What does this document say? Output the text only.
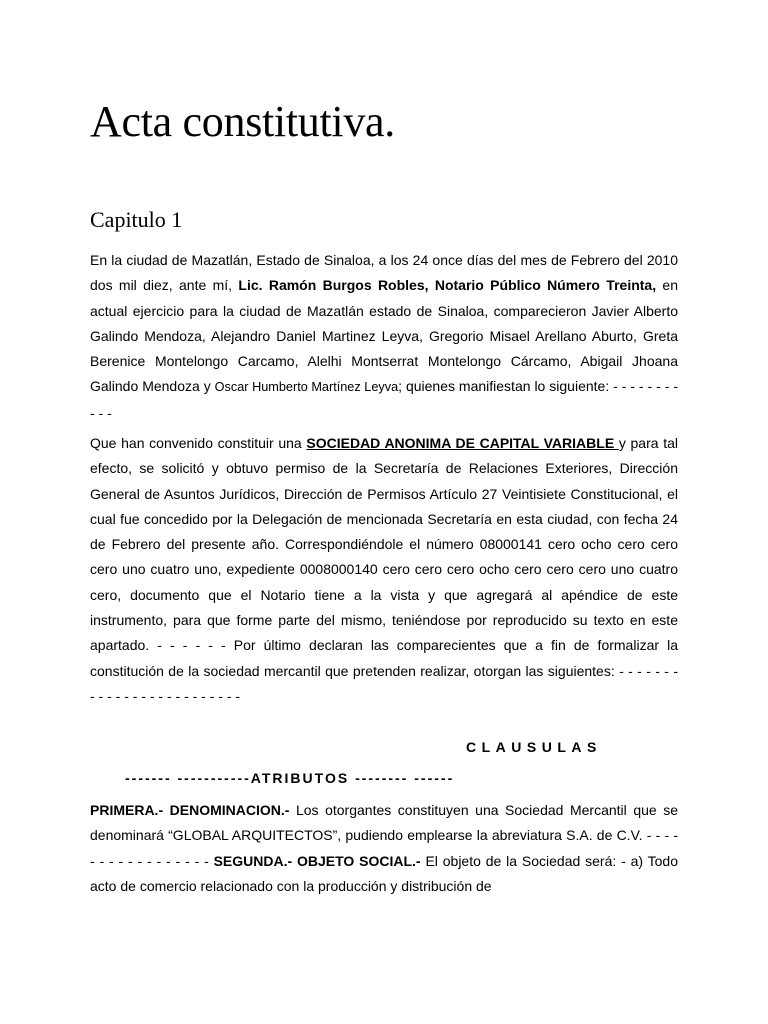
Acta constitutiva.
Capitulo 1

En la ciudad de Mazatlán, Estado de Sinaloa, a los 24 once días del mes de Febrero del 2010 dos mil diez, ante mí, Lic. Ramón Burgos Robles, Notario Público Número Treinta, en actual ejercicio para la ciudad de Mazatlán estado de Sinaloa, comparecieron Javier Alberto Galindo Mendoza, Alejandro Daniel Martinez Leyva, Gregorio Misael Arellano Aburto, Greta Berenice Montelongo Carcamo, Alelhi Montserrat Montelongo Cárcamo, Abigail Jhoana Galindo Mendoza y Oscar Humberto Martínez Leyva; quienes manifiestan lo siguiente: - - - - - - - - - - -

Que han convenido constituir una SOCIEDAD ANONIMA DE CAPITAL VARIABLE y para tal efecto, se solicitó y obtuvo permiso de la Secretaría de Relaciones Exteriores, Dirección General de Asuntos Jurídicos, Dirección de Permisos Artículo 27 Veintisiete Constitucional, el cual fue concedido por la Delegación de mencionada Secretaría en esta ciudad, con fecha 24 de Febrero del presente año. Correspondiéndole el número 08000141 cero ocho cero cero cero uno cuatro uno, expediente 0008000140 cero cero cero ocho cero cero cero uno cuatro cero, documento que el Notario tiene a la vista y que agregará al apéndice de este instrumento, para que forme parte del mismo, teniéndose por reproducido su texto en este apartado. - - - - - - Por último declaran las comparecientes que a fin de formalizar la constitución de la sociedad mercantil que pretenden realizar, otorgan las siguientes: - - - - - - - - - - - - - - - - - - - - - - - - -

CLAUSULAS
------- -----------ATRIBUTOS -------- ------

PRIMERA.- DENOMINACION.- Los otorgantes constituyen una Sociedad Mercantil que se denominará “GLOBAL ARQUITECTOS”, pudiendo emplearse la abreviatura S.A. de C.V. - - - - - - - - - - - - - - - - - SEGUNDA.- OBJETO SOCIAL.- El objeto de la Sociedad será: - a) Todo acto de comercio relacionado con la producción y distribución de
